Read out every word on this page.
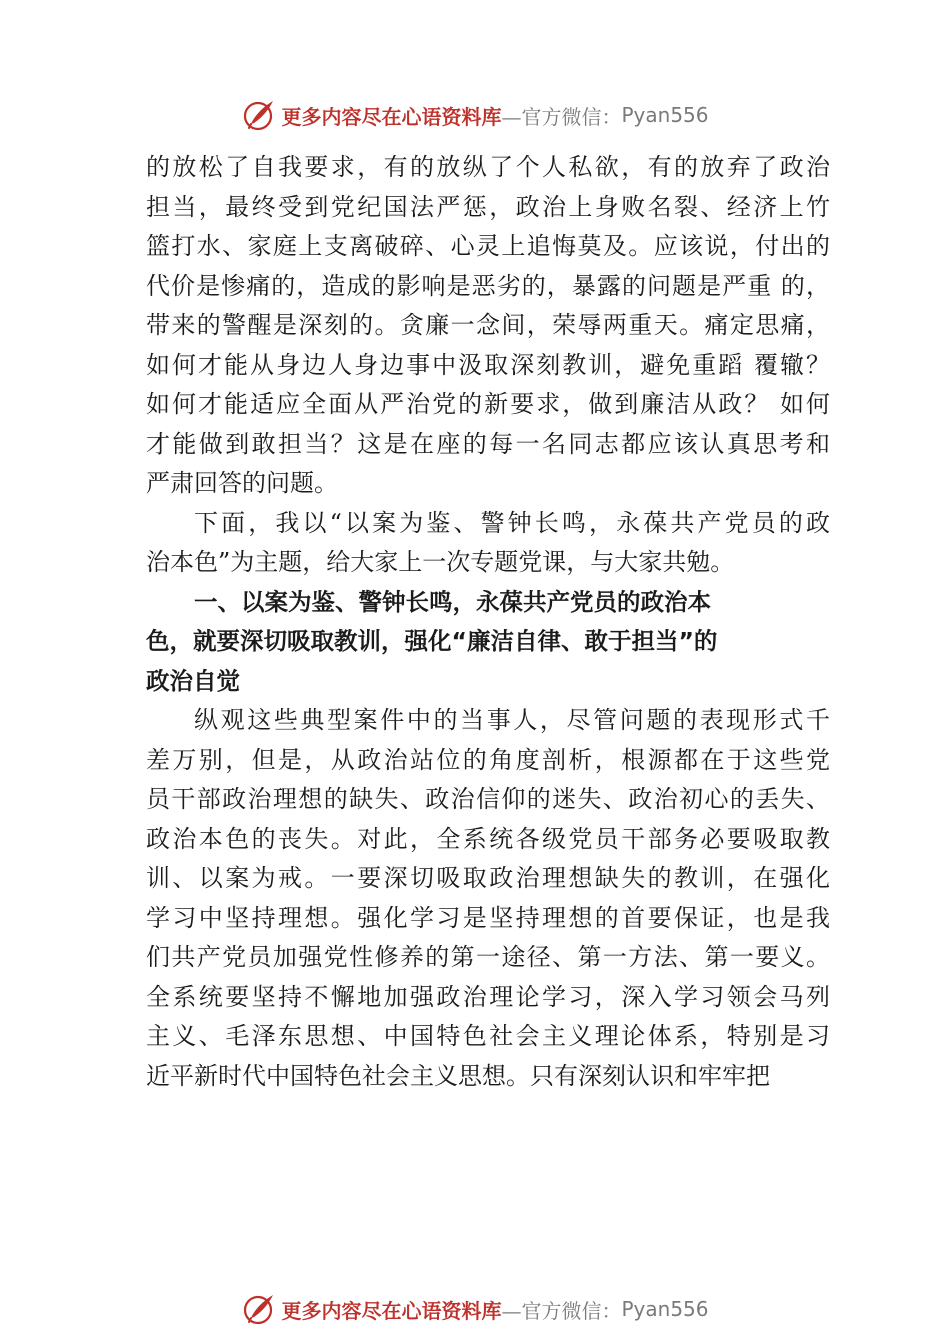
更多内容尽在心语资料库 —官方微信： Pyan556
的放松了自我要求，有的放纵了个人私欲，有的放弃了政治
担当，最终受到党纪国法严惩，政治上身败名裂、经济上竹
篮打水、家庭上支离破碎、心灵上追悔莫及。应该说，付出的
代价是惨痛的，造成的影响是恶劣的，暴露的问题是严重 的，
带来的警醒是深刻的。贪廉一念间，荣辱两重天。痛定思痛，
如何才能从身边人身边事中汲取深刻教训，避免重蹈 覆辙？
如何才能适应全面从严治党的新要求，做到廉洁从政？ 如何
才能做到敢担当？这是在座的每一名同志都应该认真思考和
严肃回答的问题。
下面，我以“以案为鉴、警钟长鸣，永葆共产党员的政
治本色”为主题，给大家上一次专题党课，与大家共勉。
一、以案为鉴、警钟长鸣，永葆共产党员的政治本
色，就要深切吸取教训，强化“廉洁自律、敢于担当”的
政治自觉
纵观这些典型案件中的当事人，尽管问题的表现形式千
差万别，但是，从政治站位的角度剖析，根源都在于这些党
员干部政治理想的缺失、政治信仰的迷失、政治初心的丢失、
政治本色的丧失。对此，全系统各级党员干部务必要吸取教
训、以案为戒。一要深切吸取政治理想缺失的教训，在强化
学习中坚持理想。强化学习是坚持理想的首要保证，也是我
们共产党员加强党性修养的第一途径、第一方法、第一要义。
全系统要坚持不懈地加强政治理论学习，深入学习领会马列
主义、毛泽东思想、中国特色社会主义理论体系，特别是习
近平新时代中国特色社会主义思想。只有深刻认识和牢牢把
更多内容尽在心语资料库 —官方微信： Pyan556
